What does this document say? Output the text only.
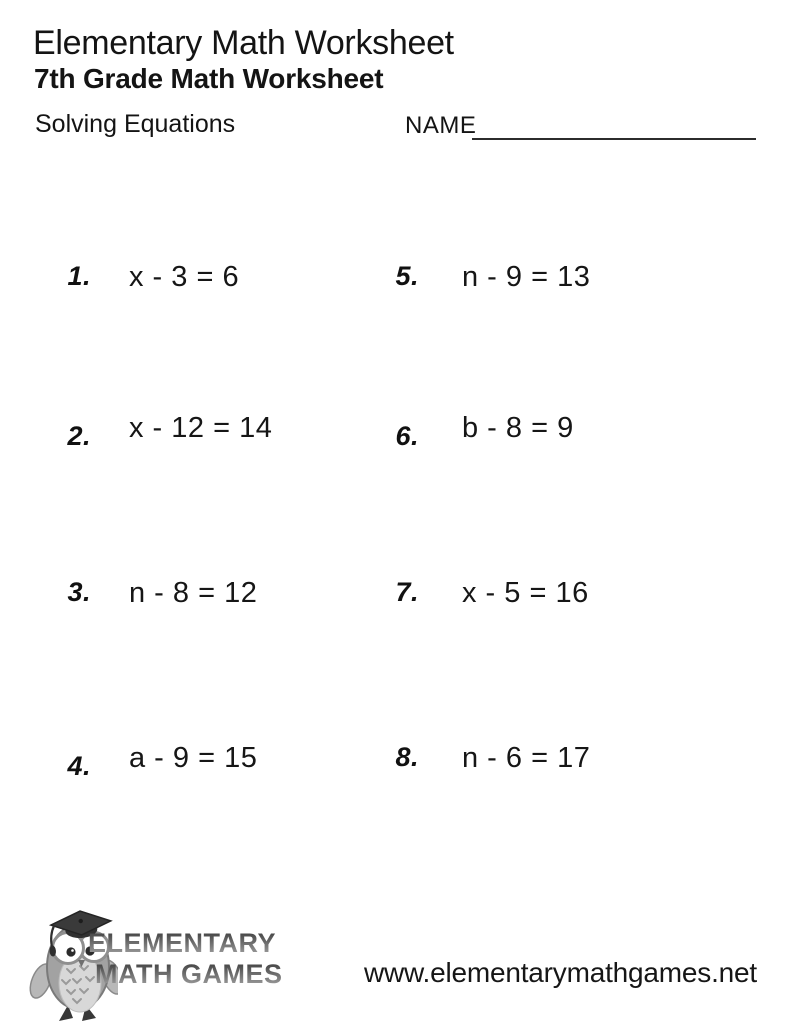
Elementary Math Worksheet
7th Grade Math Worksheet
Solving Equations	NAME
1. x - 3 = 6
2. x - 12 = 14
3. n - 8 = 12
4. a - 9 = 15
5. n - 9 = 13
6. b - 8 = 9
7. x - 5 = 16
8. n - 6 = 17
ELEMENTARY
MATH GAMES	www.elementarymathgames.net
